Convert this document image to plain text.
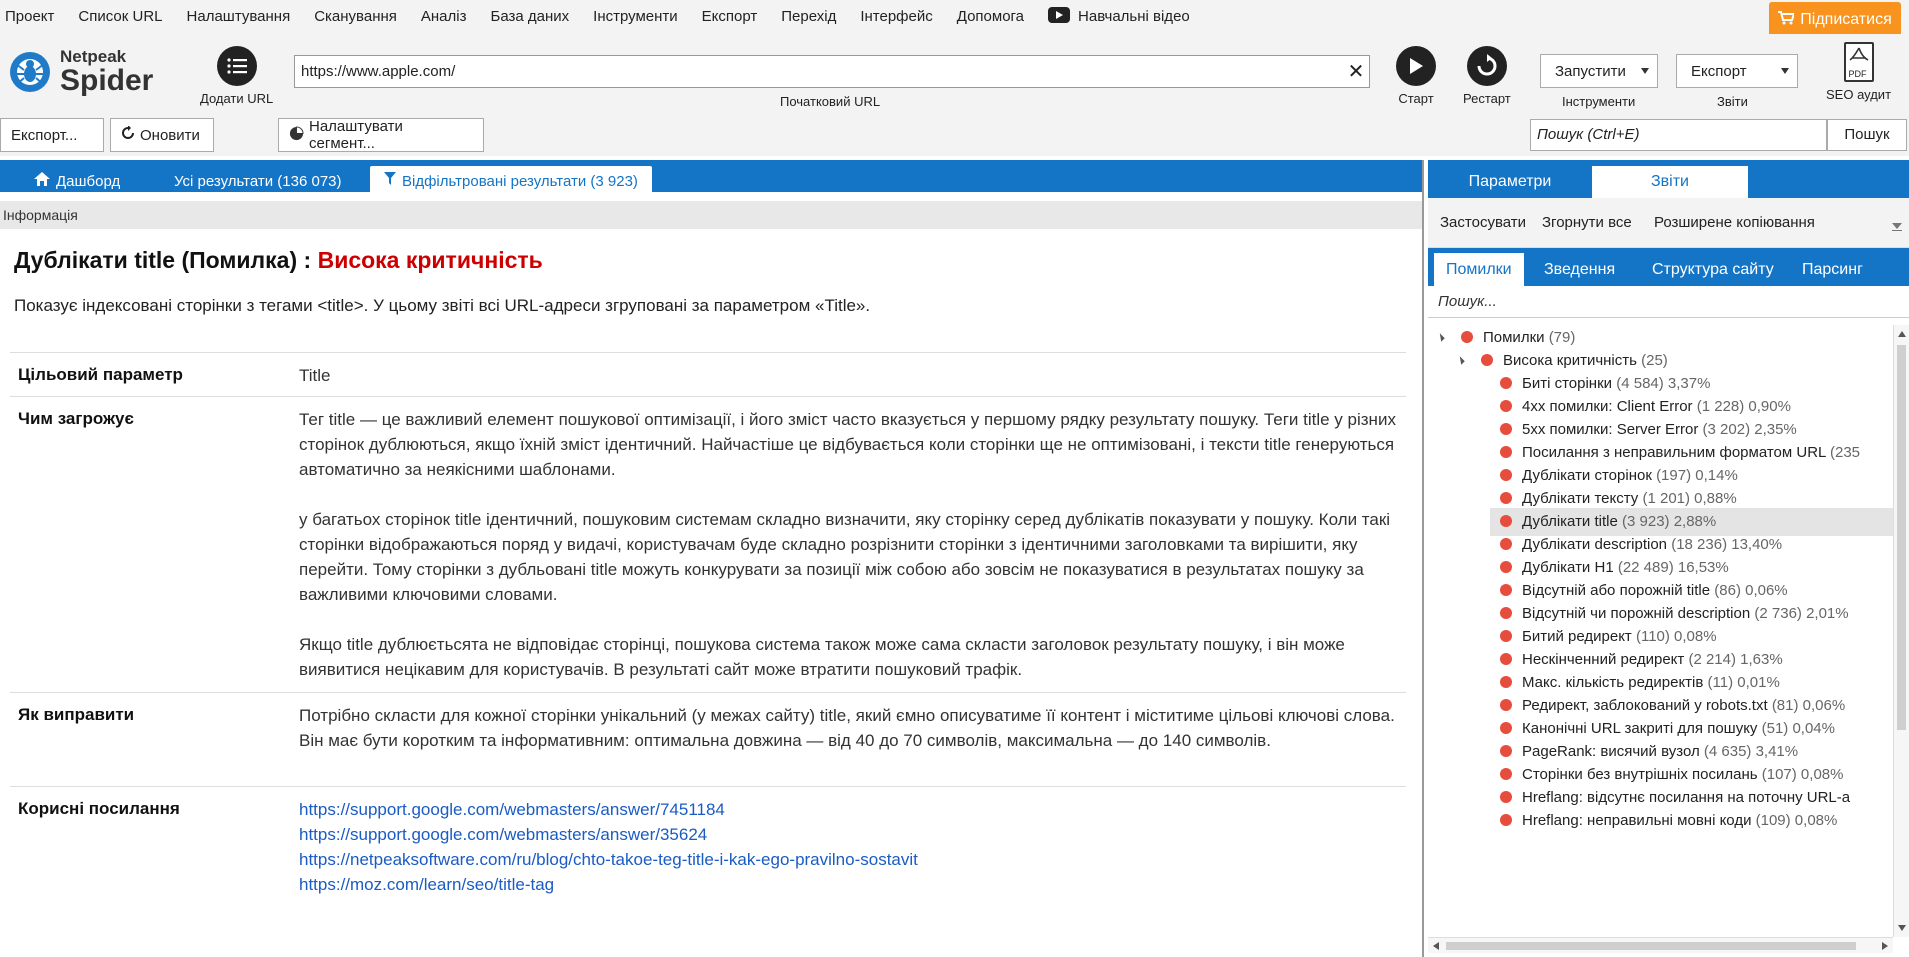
Проект	Список URL	Налаштування	Сканування	Аналіз	База даних	Інструменти	Експорт	Перехід	Інтерфейс	Допомога	Навчальні відео	Підписатися
Netpeak
Spider
Додати URL
https://www.apple.com/
✕
Початковий URL	Старт Рестарт
Запустити
Інструменти
Експорт
Звіти
PDF
SEO аудит
Експорт...	Оновити	Налаштувати сегмент...
Пошук (Ctrl+E)	Пошук
Дашборд	Усі результати (136 073)	Відфільтровані результати (3 923)
Інформація
Дублікати title (Помилка) : Висока критичність
Показує індексовані сторінки з тегами <title>. У цьому звіті всі URL-адреси згруповані за параметром «Title».
Цільовий параметр	Title
Чим загрожує	Тег title — це важливий елемент пошукової оптимізації, і його зміст часто вказується у першому рядку результату пошуку. Теги title у різних сторінок дублюються, якщо їхній зміст ідентичний. Найчастіше це відбувається коли сторінки ще не оптимізовані, і тексти title генеруються автоматично за неякісними шаблонами.

у багатьох сторінок title ідентичний, пошуковим системам складно визначити, яку сторінку серед дублікатів показувати у пошуку. Коли такі сторінки відображаються поряд у видачі, користувачам буде складно розрізнити сторінки з ідентичними заголовками та вирішити, яку перейти. Тому сторінки з дубльовані title можуть конкурувати за позиції між собою або зовсім не показуватися в результатах пошуку за важливими ключовими словами.

Якщо title дублюєтьсята не відповідає сторінці, пошукова система також може сама скласти заголовок результату пошуку, і він може виявитися нецікавим для користувачів. В результаті сайт може втратити пошуковий трафік.

Як виправити	Потрібно скласти для кожної сторінки унікальний (у межах сайту) title, який ємно описуватиме її контент і міститиме цільові ключові слова. Він має бути коротким та інформативним: оптимальна довжина — від 40 до 70 символів, максимальна — до 140 символів.
Корисні посилання	https://support.google.com/webmasters/answer/7451184
https://support.google.com/webmasters/answer/35624
https://netpeaksoftware.com/ru/blog/chto-takoe-teg-title-i-kak-ego-pravilno-sostavit
https://moz.com/learn/seo/title-tag
Параметри	Звіти
Застосувати Згорнути все Розширене копіювання
Помилки	Зведення	Структура сайту	Парсинг
Пошук...
Помилки (79)
Висока критичність (25)
Биті сторінки (4 584) 3,37%
4xx помилки: Client Error (1 228) 0,90%
5xx помилки: Server Error (3 202) 2,35%
Посилання з неправильним форматом URL (235
Дублікати сторінок (197) 0,14%
Дублікати тексту (1 201) 0,88%
Дублікати title (3 923) 2,88%
Дублікати description (18 236) 13,40%
Дублікати H1 (22 489) 16,53%
Відсутній або порожній title (86) 0,06%
Відсутній чи порожній description (2 736) 2,01%
Битий редирект (110) 0,08%
Нескінченний редирект (2 214) 1,63%
Макс. кількість редиректів (11) 0,01%
Редирект, заблокований у robots.txt (81) 0,06%
Канонічні URL закриті для пошуку (51) 0,04%
PageRank: висячий вузол (4 635) 3,41%
Сторінки без внутрішніх посилань (107) 0,08%
Hreflang: відсутнє посилання на поточну URL-a
Hreflang: неправильні мовні коди (109) 0,08%
